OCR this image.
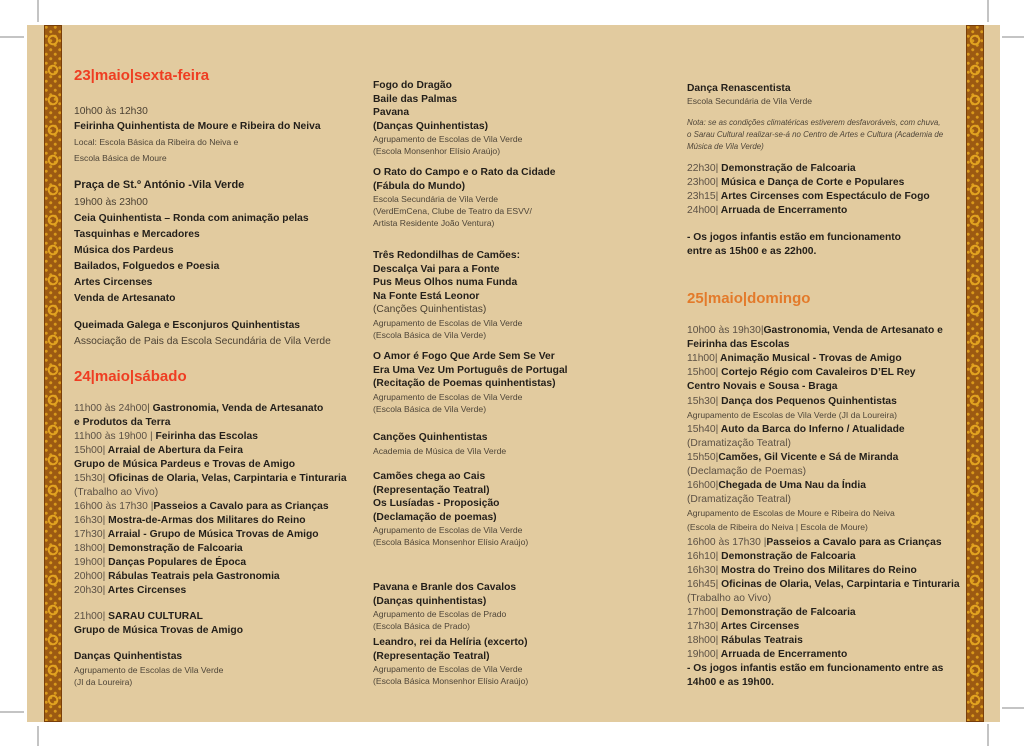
23|maio|sexta-feira
10h00 às 12h30
Feirinha Quinhentista de Moure e Ribeira do Neiva
Local: Escola Básica da Ribeira do Neiva e
Escola Básica de Moure
Praça de St.º António -Vila Verde
19h00 às 23h00
Ceia Quinhentista – Ronda com animação pelas
Tasquinhas e Mercadores
Música dos Pardeus
Bailados, Folguedos e Poesia
Artes Circenses
Venda de Artesanato
Queimada Galega e Esconjuros Quinhentistas
Associação de Pais da Escola Secundária de Vila Verde
24|maio|sábado
11h00 às 24h00| Gastronomia, Venda de Artesanato
e Produtos da Terra
11h00 às 19h00 | Feirinha das Escolas
15h00| Arraial de Abertura da Feira
Grupo de Música Pardeus e Trovas de Amigo
15h30| Oficinas de Olaria, Velas, Carpintaria e Tinturaria
(Trabalho ao Vivo)
16h00 às 17h30 |Passeios a Cavalo para as Crianças
16h30| Mostra-de-Armas dos Militares do Reino
17h30| Arraial - Grupo de Música Trovas de Amigo
18h00| Demonstração de Falcoaria
19h00| Danças Populares de Época
20h00| Rábulas Teatrais pela Gastronomia
20h30| Artes Circenses
21h00| SARAU CULTURAL
Grupo de Música Trovas de Amigo
Danças Quinhentistas
Agrupamento de Escolas de Vila Verde
(JI da Loureira)
Fogo do Dragão
Baile das Palmas
Pavana
(Danças Quinhentistas)
Agrupamento de Escolas de Vila Verde
(Escola Monsenhor Elísio Araújo)
O Rato do Campo e o Rato da Cidade
(Fábula do Mundo)
Escola Secundária de Vila Verde
(VerdEmCena, Clube de Teatro da ESVV/
Artista Residente João Ventura)
Três Redondilhas de Camões:
Descalça Vai para a Fonte
Pus Meus Olhos numa Funda
Na Fonte Está Leonor
(Canções Quinhentistas)
Agrupamento de Escolas de Vila Verde
(Escola Básica de Vila Verde)
O Amor é Fogo Que Arde Sem Se Ver
Era Uma Vez Um Português de Portugal
(Recitação de Poemas quinhentistas)
Agrupamento de Escolas de Vila Verde
(Escola Básica de Vila Verde)
Canções Quinhentistas
Academia de Música de Vila Verde
Camões chega ao Cais
(Representação Teatral)
Os Lusíadas - Proposição
(Declamação de poemas)
Agrupamento de Escolas de Vila Verde
(Escola Básica Monsenhor Elísio Araújo)
Pavana e Branle dos Cavalos
(Danças quinhentistas)
Agrupamento de Escolas de Prado
(Escola Básica de Prado)
Leandro, rei da Helíria (excerto)
(Representação Teatral)
Agrupamento de Escolas de Vila Verde
(Escola Básica Monsenhor Elísio Araújo)
Dança Renascentista
Escola Secundária de Vila Verde
Nota: se as condições climatéricas estiverem desfavoráveis, com chuva,
o Sarau Cultural realizar-se-á no Centro de Artes e Cultura (Academia de
Música de Vila Verde)
22h30| Demonstração de Falcoaria
23h00| Música e Dança de Corte e Populares
23h15| Artes Circenses com Espectáculo de Fogo
24h00| Arruada de Encerramento
- Os jogos infantis estão em funcionamento
entre as 15h00 e as 22h00.
25|maio|domingo
10h00 às 19h30|Gastronomia, Venda de Artesanato e
Feirinha das Escolas
11h00| Animação Musical - Trovas de Amigo
15h00| Cortejo Régio com Cavaleiros D’EL Rey
Centro Novais e Sousa - Braga
15h30| Dança dos Pequenos Quinhentistas
Agrupamento de Escolas de Vila Verde (JI da Loureira)
15h40| Auto da Barca do Inferno / Atualidade
(Dramatização Teatral)
15h50|Camões, Gil Vicente e Sá de Miranda
(Declamação de Poemas)
16h00|Chegada de Uma Nau da Índia
(Dramatização Teatral)
Agrupamento de Escolas de Moure e Ribeira do Neiva
(Escola de Ribeira do Neiva | Escola de Moure)
16h00 às 17h30 |Passeios a Cavalo para as Crianças
16h10| Demonstração de Falcoaria
16h30| Mostra do Treino dos Militares do Reino
16h45| Oficinas de Olaria, Velas, Carpintaria e Tinturaria
(Trabalho ao Vivo)
17h00| Demonstração de Falcoaria
17h30| Artes Circenses
18h00| Rábulas Teatrais
19h00| Arruada de Encerramento
- Os jogos infantis estão em funcionamento entre as
14h00 e as 19h00.
